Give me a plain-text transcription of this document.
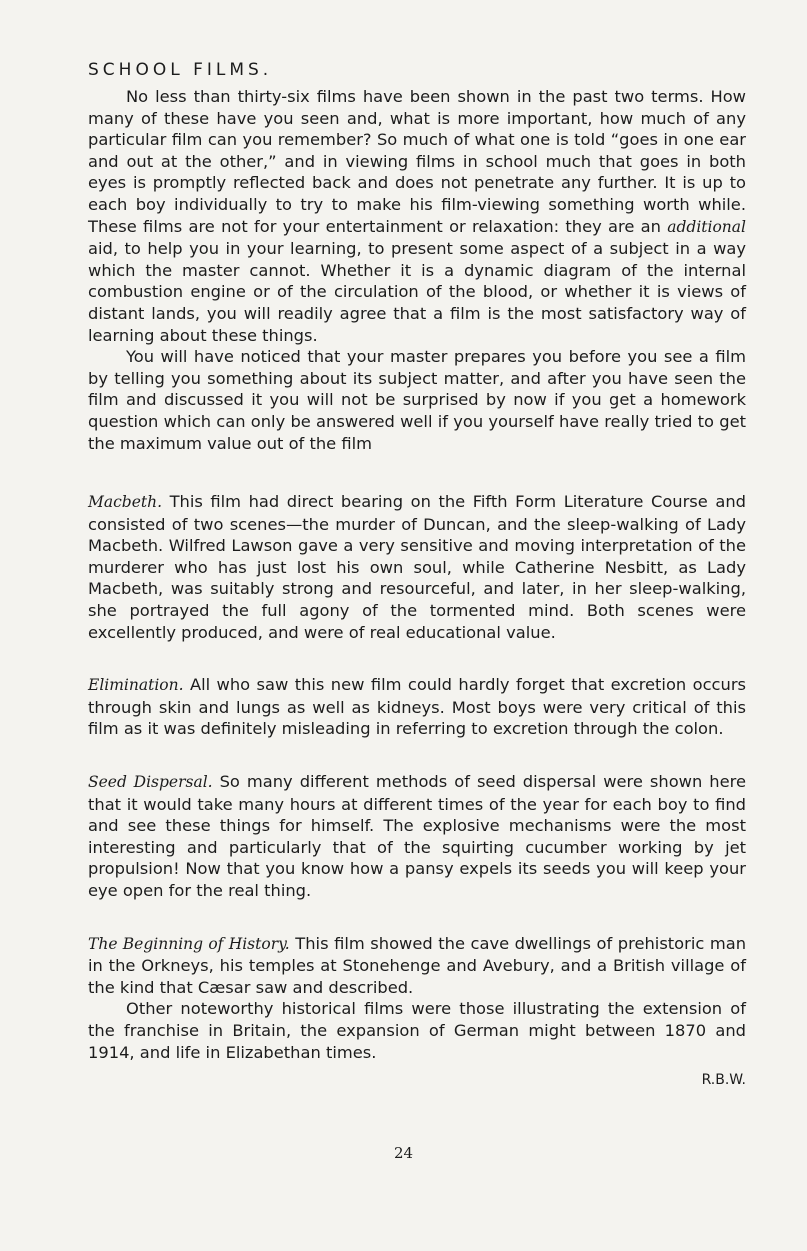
SCHOOL FILMS.

No less than thirty-six films have been shown in the past two terms. How many of these have you seen and, what is more important, how much of any particular film can you remember? So much of what one is told “goes in one ear and out at the other,” and in viewing films in school much that goes in both eyes is promptly reflected back and does not penetrate any further. It is up to each boy individually to try to make his film-viewing something worth while. These films are not for your entertainment or relaxation: they are an additional aid, to help you in your learning, to present some aspect of a subject in a way which the master cannot. Whether it is a dynamic diagram of the internal combustion engine or of the circulation of the blood, or whether it is views of distant lands, you will readily agree that a film is the most satisfactory way of learning about these things.

You will have noticed that your master prepares you before you see a film by telling you something about its subject matter, and after you have seen the film and discussed it you will not be surprised by now if you get a homework question which can only be answered well if you yourself have really tried to get the maximum value out of the film

Macbeth. This film had direct bearing on the Fifth Form Literature Course and consisted of two scenes—the murder of Duncan, and the sleep-walking of Lady Macbeth. Wilfred Lawson gave a very sensitive and moving interpretation of the murderer who has just lost his own soul, while Catherine Nesbitt, as Lady Macbeth, was suitably strong and resourceful, and later, in her sleep-walking, she portrayed the full agony of the tormented mind. Both scenes were excellently produced, and were of real educational value.

Elimination. All who saw this new film could hardly forget that excretion occurs through skin and lungs as well as kidneys. Most boys were very critical of this film as it was definitely misleading in referring to excretion through the colon.

Seed Dispersal. So many different methods of seed dispersal were shown here that it would take many hours at different times of the year for each boy to find and see these things for himself. The explosive mechanisms were the most interesting and particularly that of the squirting cucumber working by jet propulsion! Now that you know how a pansy expels its seeds you will keep your eye open for the real thing.

The Beginning of History. This film showed the cave dwellings of prehistoric man in the Orkneys, his temples at Stonehenge and Avebury, and a British village of the kind that Cæsar saw and described.

Other noteworthy historical films were those illustrating the extension of the franchise in Britain, the expansion of German might between 1870 and 1914, and life in Elizabethan times.

R.B.W.
24
